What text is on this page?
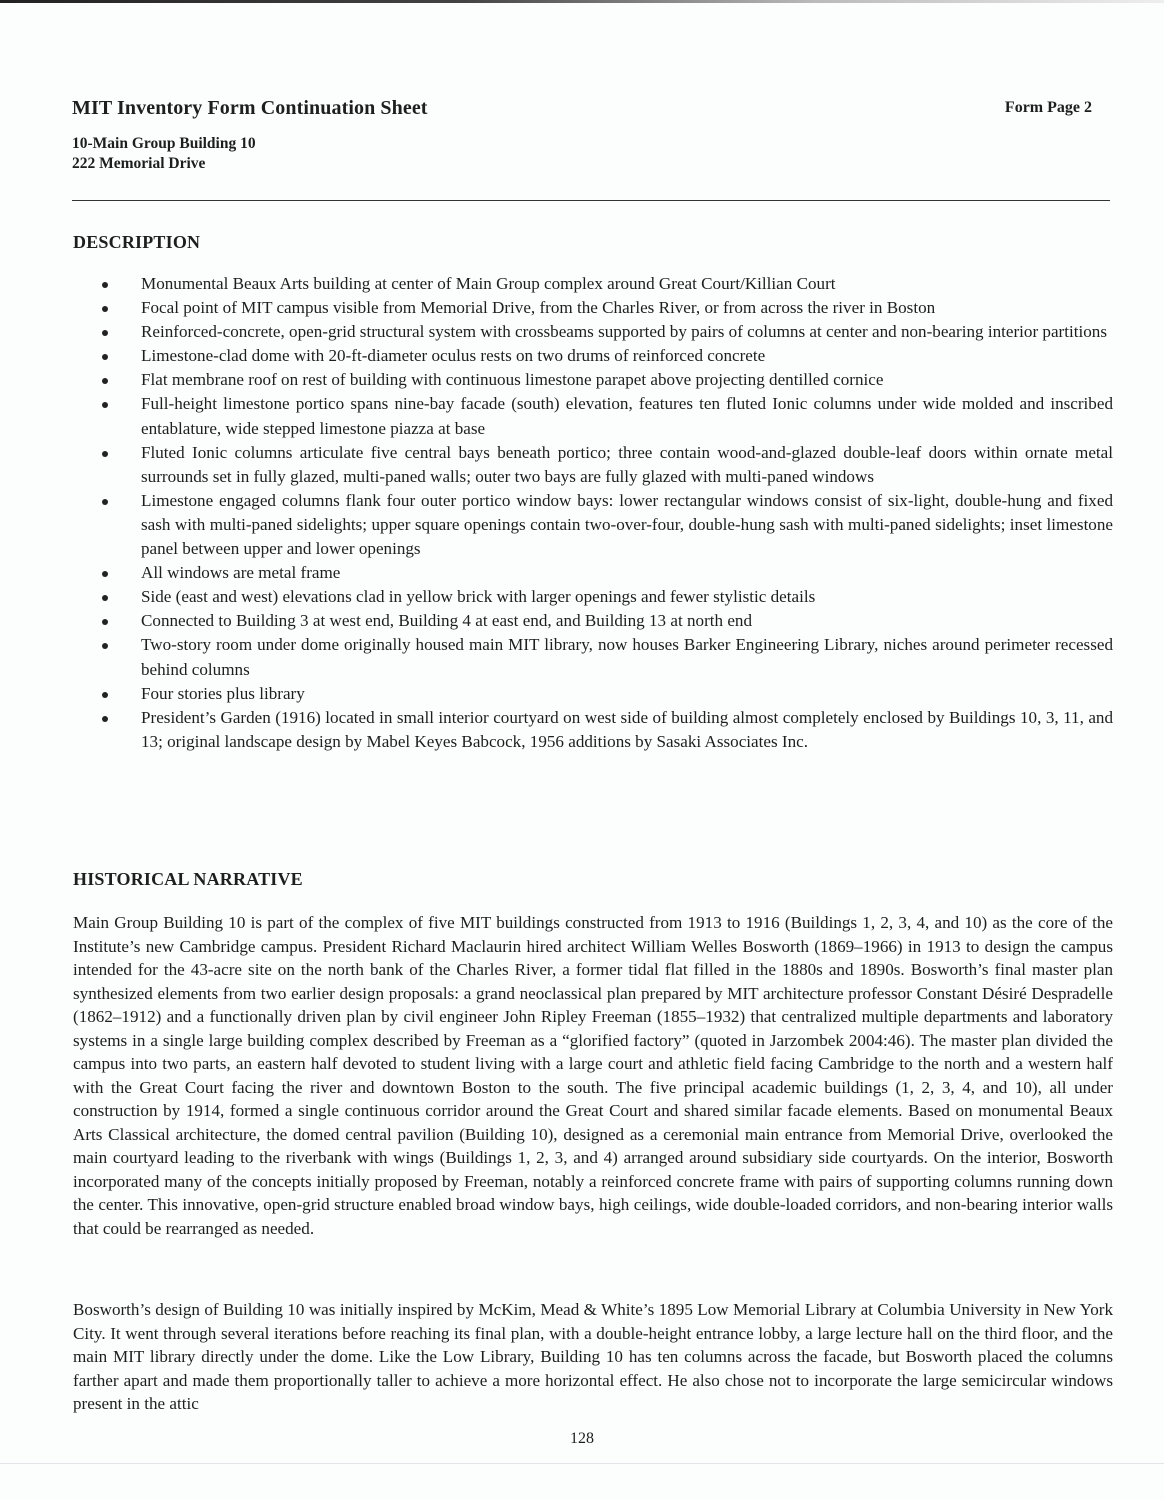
MIT Inventory Form Continuation Sheet	Form Page 2
10-Main Group Building 10
222 Memorial Drive
DESCRIPTION
Monumental Beaux Arts building at center of Main Group complex around Great Court/Killian Court
Focal point of MIT campus visible from Memorial Drive, from the Charles River, or from across the river in Boston
Reinforced-concrete, open-grid structural system with crossbeams supported by pairs of columns at center and non-bearing interior partitions
Limestone-clad dome with 20-ft-diameter oculus rests on two drums of reinforced concrete
Flat membrane roof on rest of building with continuous limestone parapet above projecting dentilled cornice
Full-height limestone portico spans nine-bay facade (south) elevation, features ten fluted Ionic columns under wide molded and inscribed entablature, wide stepped limestone piazza at base
Fluted Ionic columns articulate five central bays beneath portico; three contain wood-and-glazed double-leaf doors within ornate metal surrounds set in fully glazed, multi-paned walls; outer two bays are fully glazed with multi-paned windows
Limestone engaged columns flank four outer portico window bays: lower rectangular windows consist of six-light, double-hung and fixed sash with multi-paned sidelights; upper square openings contain two-over-four, double-hung sash with multi-paned sidelights; inset limestone panel between upper and lower openings
All windows are metal frame
Side (east and west) elevations clad in yellow brick with larger openings and fewer stylistic details
Connected to Building 3 at west end, Building 4 at east end, and Building 13 at north end
Two-story room under dome originally housed main MIT library, now houses Barker Engineering Library, niches around perimeter recessed behind columns
Four stories plus library
President’s Garden (1916) located in small interior courtyard on west side of building almost completely enclosed by Buildings 10, 3, 11, and 13; original landscape design by Mabel Keyes Babcock, 1956 additions by Sasaki Associates Inc.
HISTORICAL NARRATIVE

Main Group Building 10 is part of the complex of five MIT buildings constructed from 1913 to 1916 (Buildings 1, 2, 3, 4, and 10) as the core of the Institute’s new Cambridge campus. President Richard Maclaurin hired architect William Welles Bosworth (1869–1966) in 1913 to design the campus intended for the 43-acre site on the north bank of the Charles River, a former tidal flat filled in the 1880s and 1890s. Bosworth’s final master plan synthesized elements from two earlier design proposals: a grand neoclassical plan prepared by MIT architecture professor Constant Désiré Despradelle (1862–1912) and a functionally driven plan by civil engineer John Ripley Freeman (1855–1932) that centralized multiple departments and laboratory systems in a single large building complex described by Freeman as a “glorified factory” (quoted in Jarzombek 2004:46). The master plan divided the campus into two parts, an eastern half devoted to student living with a large court and athletic field facing Cambridge to the north and a western half with the Great Court facing the river and downtown Boston to the south. The five principal academic buildings (1, 2, 3, 4, and 10), all under construction by 1914, formed a single continuous corridor around the Great Court and shared similar facade elements. Based on monumental Beaux Arts Classical architecture, the domed central pavilion (Building 10), designed as a ceremonial main entrance from Memorial Drive, overlooked the main courtyard leading to the riverbank with wings (Buildings 1, 2, 3, and 4) arranged around subsidiary side courtyards. On the interior, Bosworth incorporated many of the concepts initially proposed by Freeman, notably a reinforced concrete frame with pairs of supporting columns running down the center. This innovative, open-grid structure enabled broad window bays, high ceilings, wide double-loaded corridors, and non-bearing interior walls that could be rearranged as needed.

Bosworth’s design of Building 10 was initially inspired by McKim, Mead & White’s 1895 Low Memorial Library at Columbia University in New York City. It went through several iterations before reaching its final plan, with a double-height entrance lobby, a large lecture hall on the third floor, and the main MIT library directly under the dome. Like the Low Library, Building 10 has ten columns across the facade, but Bosworth placed the columns farther apart and made them proportionally taller to achieve a more horizontal effect. He also chose not to incorporate the large semicircular windows present in the attic

128
